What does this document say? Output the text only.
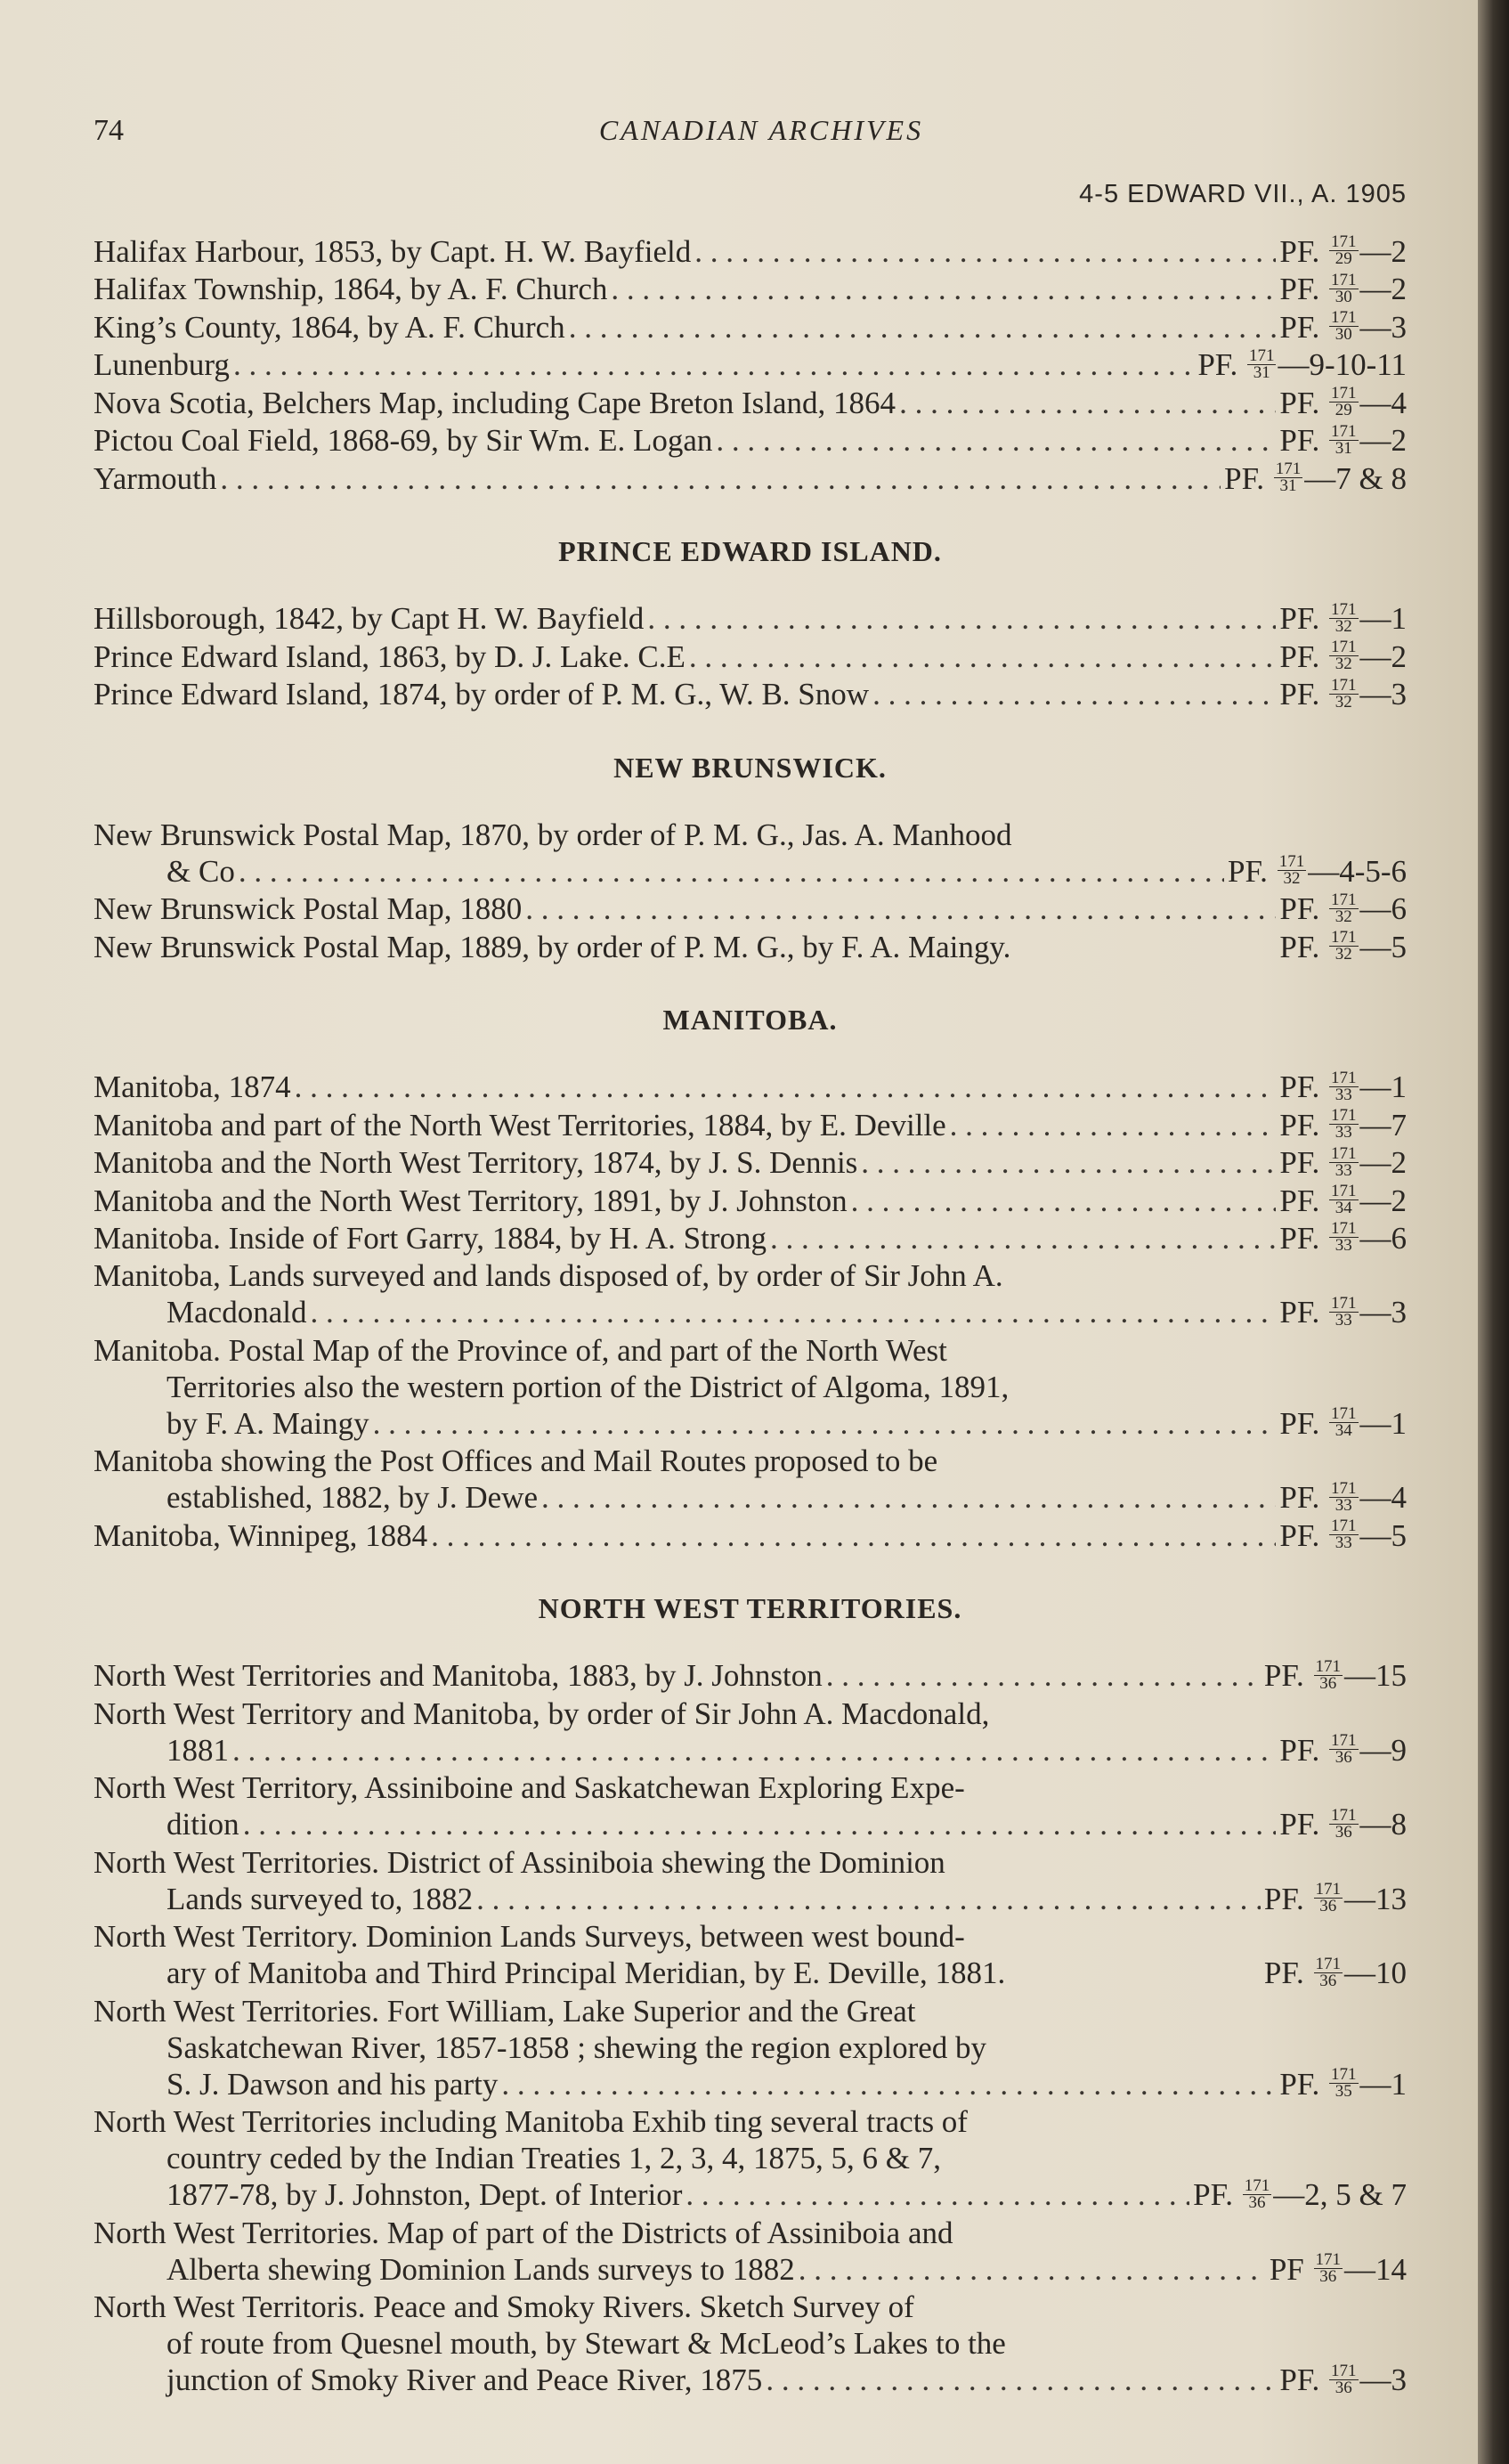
74	CANADIAN ARCHIVES
4-5 EDWARD VII., A. 1905
Halifax Harbour, 1853, by Capt. H. W. Bayfield . . .	PF. $\frac{171}{29}$ —2
Halifax Township, 1864, by A. F. Church . . .	PF. $\frac{171}{30}$ —2
King’s County, 1864, by A. F. Church . . .	PF. $\frac{171}{30}$ —3
Lunenburg . . .	PF. $\frac{171}{31}$ —9-10-11
Nova Scotia, Belchers Map, including Cape Breton Island, 1864 . . .	PF. $\frac{171}{29}$ —4
Pictou Coal Field, 1868-69, by Sir Wm. E. Logan . . .	PF. $\frac{171}{31}$ —2
Yarmouth . . .	PF. $\frac{171}{31}$ —7 & 8
PRINCE EDWARD ISLAND.
Hillsborough, 1842, by Capt H. W. Bayfield . . .	PF. $\frac{171}{32}$ —1
Prince Edward Island, 1863, by D. J. Lake. C.E . . .	PF. $\frac{171}{32}$ —2
Prince Edward Island, 1874, by order of P. M. G., W. B. Snow . . .	PF. $\frac{171}{32}$ —3
NEW BRUNSWICK.
New Brunswick Postal Map, 1870, by order of P. M. G., Jas. A. Manhood
& Co . . .	PF. $\frac{171}{32}$ —4-5-6
New Brunswick Postal Map, 1880 . . .	PF. $\frac{171}{32}$ —6
New Brunswick Postal Map, 1889, by order of P. M. G., by F. A. Maingy.	PF. $\frac{171}{32}$ —5
MANITOBA.
Manitoba, 1874 . . .	PF. $\frac{171}{33}$ —1
Manitoba and part of the North West Territories, 1884, by E. Deville . . .	PF. $\frac{171}{33}$ —7
Manitoba and the North West Territory, 1874, by J. S. Dennis . . .	PF. $\frac{171}{33}$ —2
Manitoba and the North West Territory, 1891, by J. Johnston . . .	PF. $\frac{171}{34}$ —2
Manitoba. Inside of Fort Garry, 1884, by H. A. Strong . . .	PF. $\frac{171}{33}$ —6
Manitoba, Lands surveyed and lands disposed of, by order of Sir John A.
Macdonald . . .	PF. $\frac{171}{33}$ —3
Manitoba. Postal Map of the Province of, and part of the North West
Territories also the western portion of the District of Algoma, 1891,
by F. A. Maingy . . .	PF. $\frac{171}{34}$ —1
Manitoba showing the Post Offices and Mail Routes proposed to be
established, 1882, by J. Dewe . . .	PF. $\frac{171}{33}$ —4
Manitoba, Winnipeg, 1884 . . .	PF. $\frac{171}{33}$ —5
NORTH WEST TERRITORIES.
North West Territories and Manitoba, 1883, by J. Johnston . . .	PF. $\frac{171}{36}$ —15
North West Territory and Manitoba, by order of Sir John A. Macdonald,
1881 . . .	PF. $\frac{171}{36}$ —9
North West Territory, Assiniboine and Saskatchewan Exploring Expe-
dition . . .	PF. $\frac{171}{36}$ —8
North West Territories. District of Assiniboia shewing the Dominion
Lands surveyed to, 1882 . . .	PF. $\frac{171}{36}$ —13
North West Territory. Dominion Lands Surveys, between west bound-
ary of Manitoba and Third Principal Meridian, by E. Deville, 1881.	PF. $\frac{171}{36}$ —10
North West Territories. Fort William, Lake Superior and the Great
Saskatchewan River, 1857-1858 ; shewing the region explored by
S. J. Dawson and his party . . .	PF. $\frac{171}{35}$ —1
North West Territories including Manitoba Exhib ting several tracts of
country ceded by the Indian Treaties 1, 2, 3, 4, 1875, 5, 6 & 7,
1877-78, by J. Johnston, Dept. of Interior . . .	PF. $\frac{171}{36}$ —2, 5 & 7
North West Territories. Map of part of the Districts of Assiniboia and
Alberta shewing Dominion Lands surveys to 1882 . . .	PF $\frac{171}{36}$ —14
North West Territoris. Peace and Smoky Rivers. Sketch Survey of
of route from Quesnel mouth, by Stewart & McLeod’s Lakes to the
junction of Smoky River and Peace River, 1875 . . .	PF. $\frac{171}{36}$ —3
